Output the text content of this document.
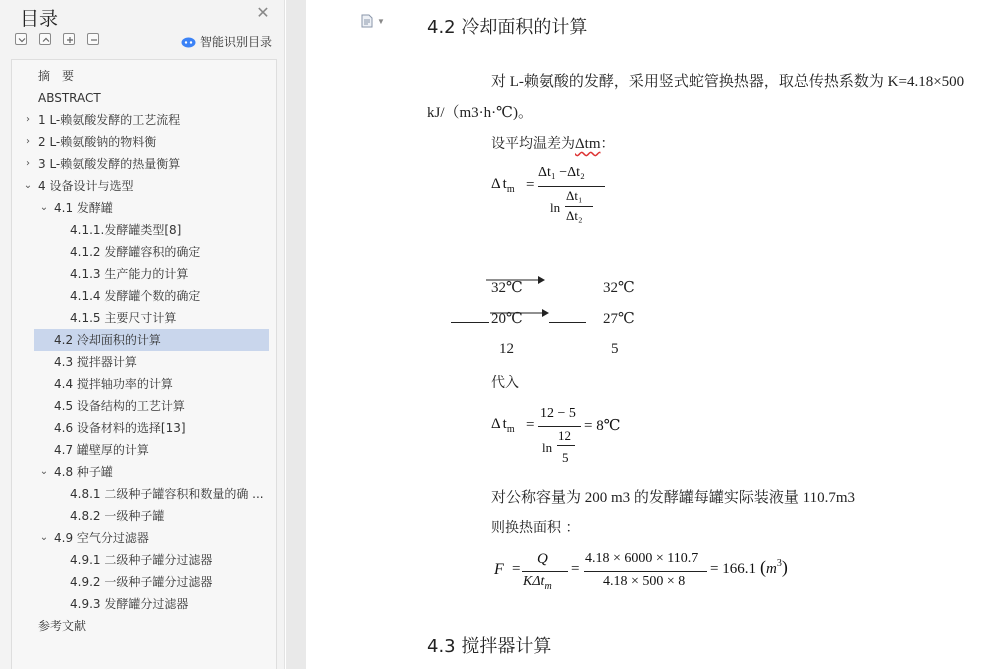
目录	✕
智能识别目录
摘　要
ABSTRACT
› 1 L-赖氨酸发酵的工艺流程
› 2 L-赖氨酸钠的物料衡
› 3 L-赖氨酸发酵的热量衡算
⌄ 4 设备设计与选型
⌄ 4.1 发酵罐
4.1.1.发酵罐类型[8]
4.1.2 发酵罐容积的确定
4.1.3 生产能力的计算
4.1.4 发酵罐个数的确定
4.1.5 主要尺寸计算
4.2 冷却面积的计算
4.3 搅拌器计算
4.4 搅拌轴功率的计算
4.5 设备结构的工艺计算
4.6 设备材料的选择[13]
4.7 罐壁厚的计算
⌄ 4.8 种子罐
4.8.1 二级种子罐容积和数量的确 ...
4.8.2 一级种子罐
⌄ 4.9 空气分过滤器
4.9.1 二级种子罐分过滤器
4.9.2 一级种子罐分过滤器
4.9.3 发酵罐分过滤器
参考文献
▼ 4.2 冷却面积的计算
对 L-赖氨酸的发酵，采用竖式蛇管换热器，取总传热系数为 K=4.18×500
kJ/（m3·h·℃)。
设平均温差为Δtm：
Δ $t_m$ =
Δt₁ −Δt₂
ln
Δt₁
Δt₂
32℃	32℃
20℃	27℃
12	5
代入
Δ $t_m$ =
12 − 5
ln
12
5
= 8℃
对公称容量为 200 m3 的发酵罐每罐实际装液量 110.7m3
则换热面积 ：
F =
Q
KΔt$_m$
=
4.18 × 6000 × 110.7
4.18 × 500 × 8
= 166.1 $(m^3)$
4.3 搅拌器计算
